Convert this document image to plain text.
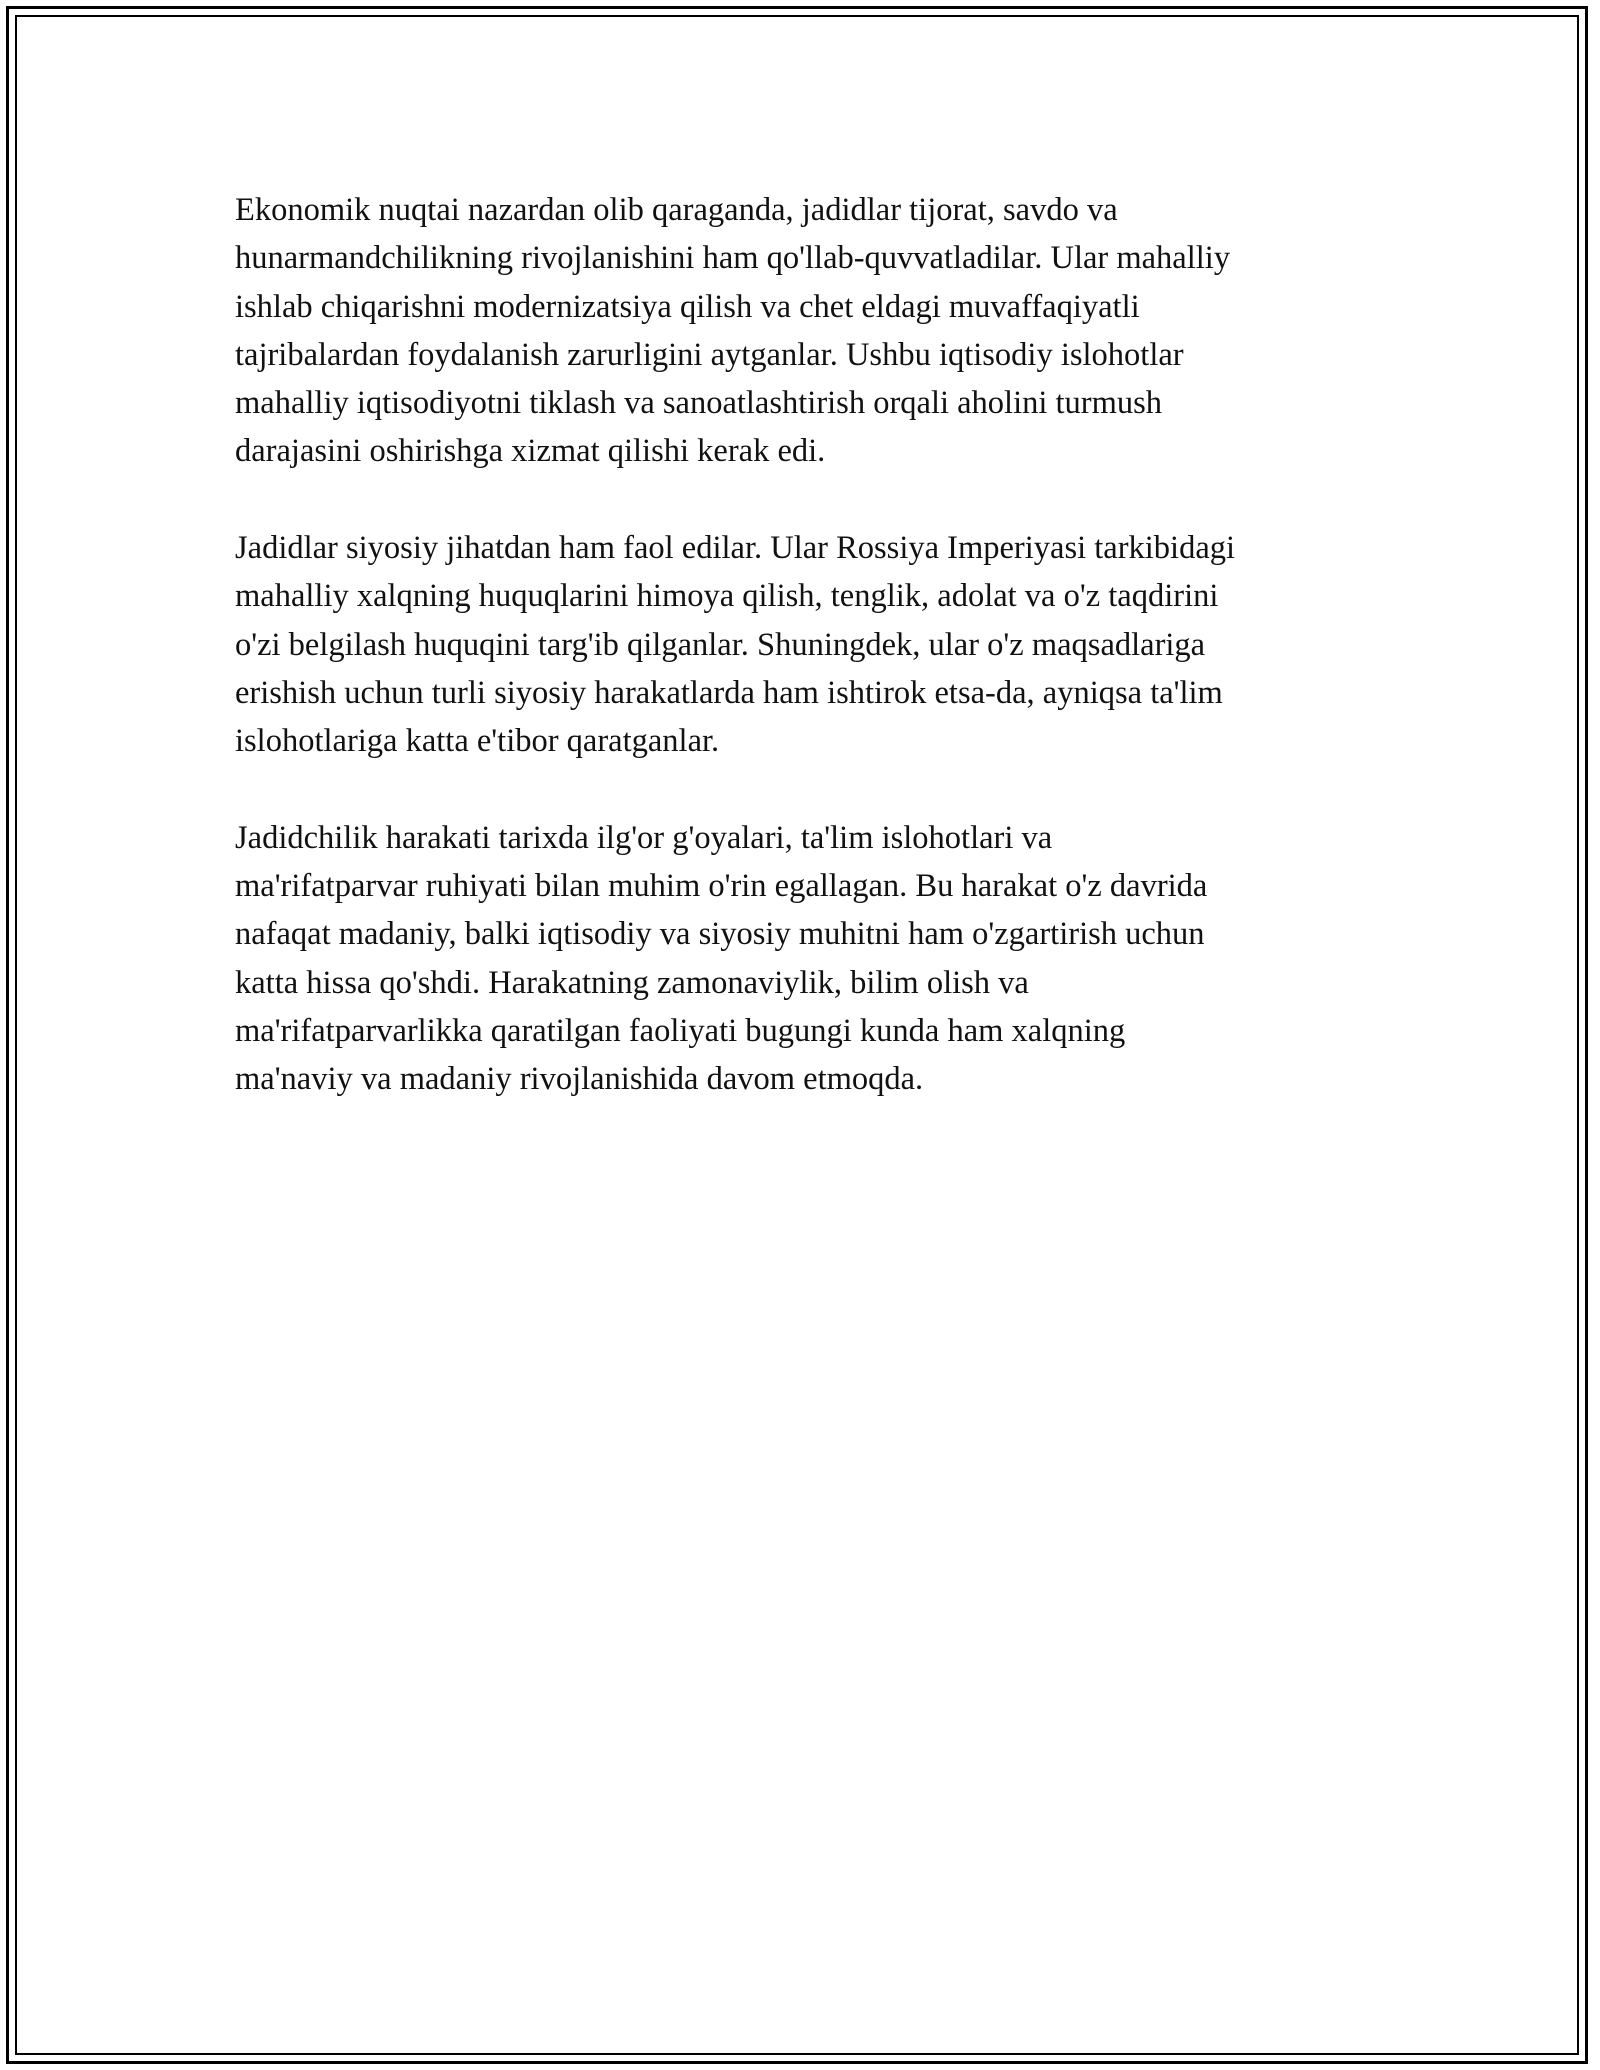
Ekonomik nuqtai nazardan olib qaraganda, jadidlar tijorat, savdo va
hunarmandchilikning rivojlanishini ham qo'llab-quvvatladilar. Ular mahalliy
ishlab chiqarishni modernizatsiya qilish va chet eldagi muvaffaqiyatli
tajribalardan foydalanish zarurligini aytganlar. Ushbu iqtisodiy islohotlar
mahalliy iqtisodiyotni tiklash va sanoatlashtirish orqali aholini turmush
darajasini oshirishga xizmat qilishi kerak edi.

Jadidlar siyosiy jihatdan ham faol edilar. Ular Rossiya Imperiyasi tarkibidagi
mahalliy xalqning huquqlarini himoya qilish, tenglik, adolat va o'z taqdirini
o'zi belgilash huquqini targ'ib qilganlar. Shuningdek, ular o'z maqsadlariga
erishish uchun turli siyosiy harakatlarda ham ishtirok etsa-da, ayniqsa ta'lim
islohotlariga katta e'tibor qaratganlar.

Jadidchilik harakati tarixda ilg'or g'oyalari, ta'lim islohotlari va
ma'rifatparvar ruhiyati bilan muhim o'rin egallagan. Bu harakat o'z davrida
nafaqat madaniy, balki iqtisodiy va siyosiy muhitni ham o'zgartirish uchun
katta hissa qo'shdi. Harakatning zamonaviylik, bilim olish va
ma'rifatparvarlikka qaratilgan faoliyati bugungi kunda ham xalqning
ma'naviy va madaniy rivojlanishida davom etmoqda.
